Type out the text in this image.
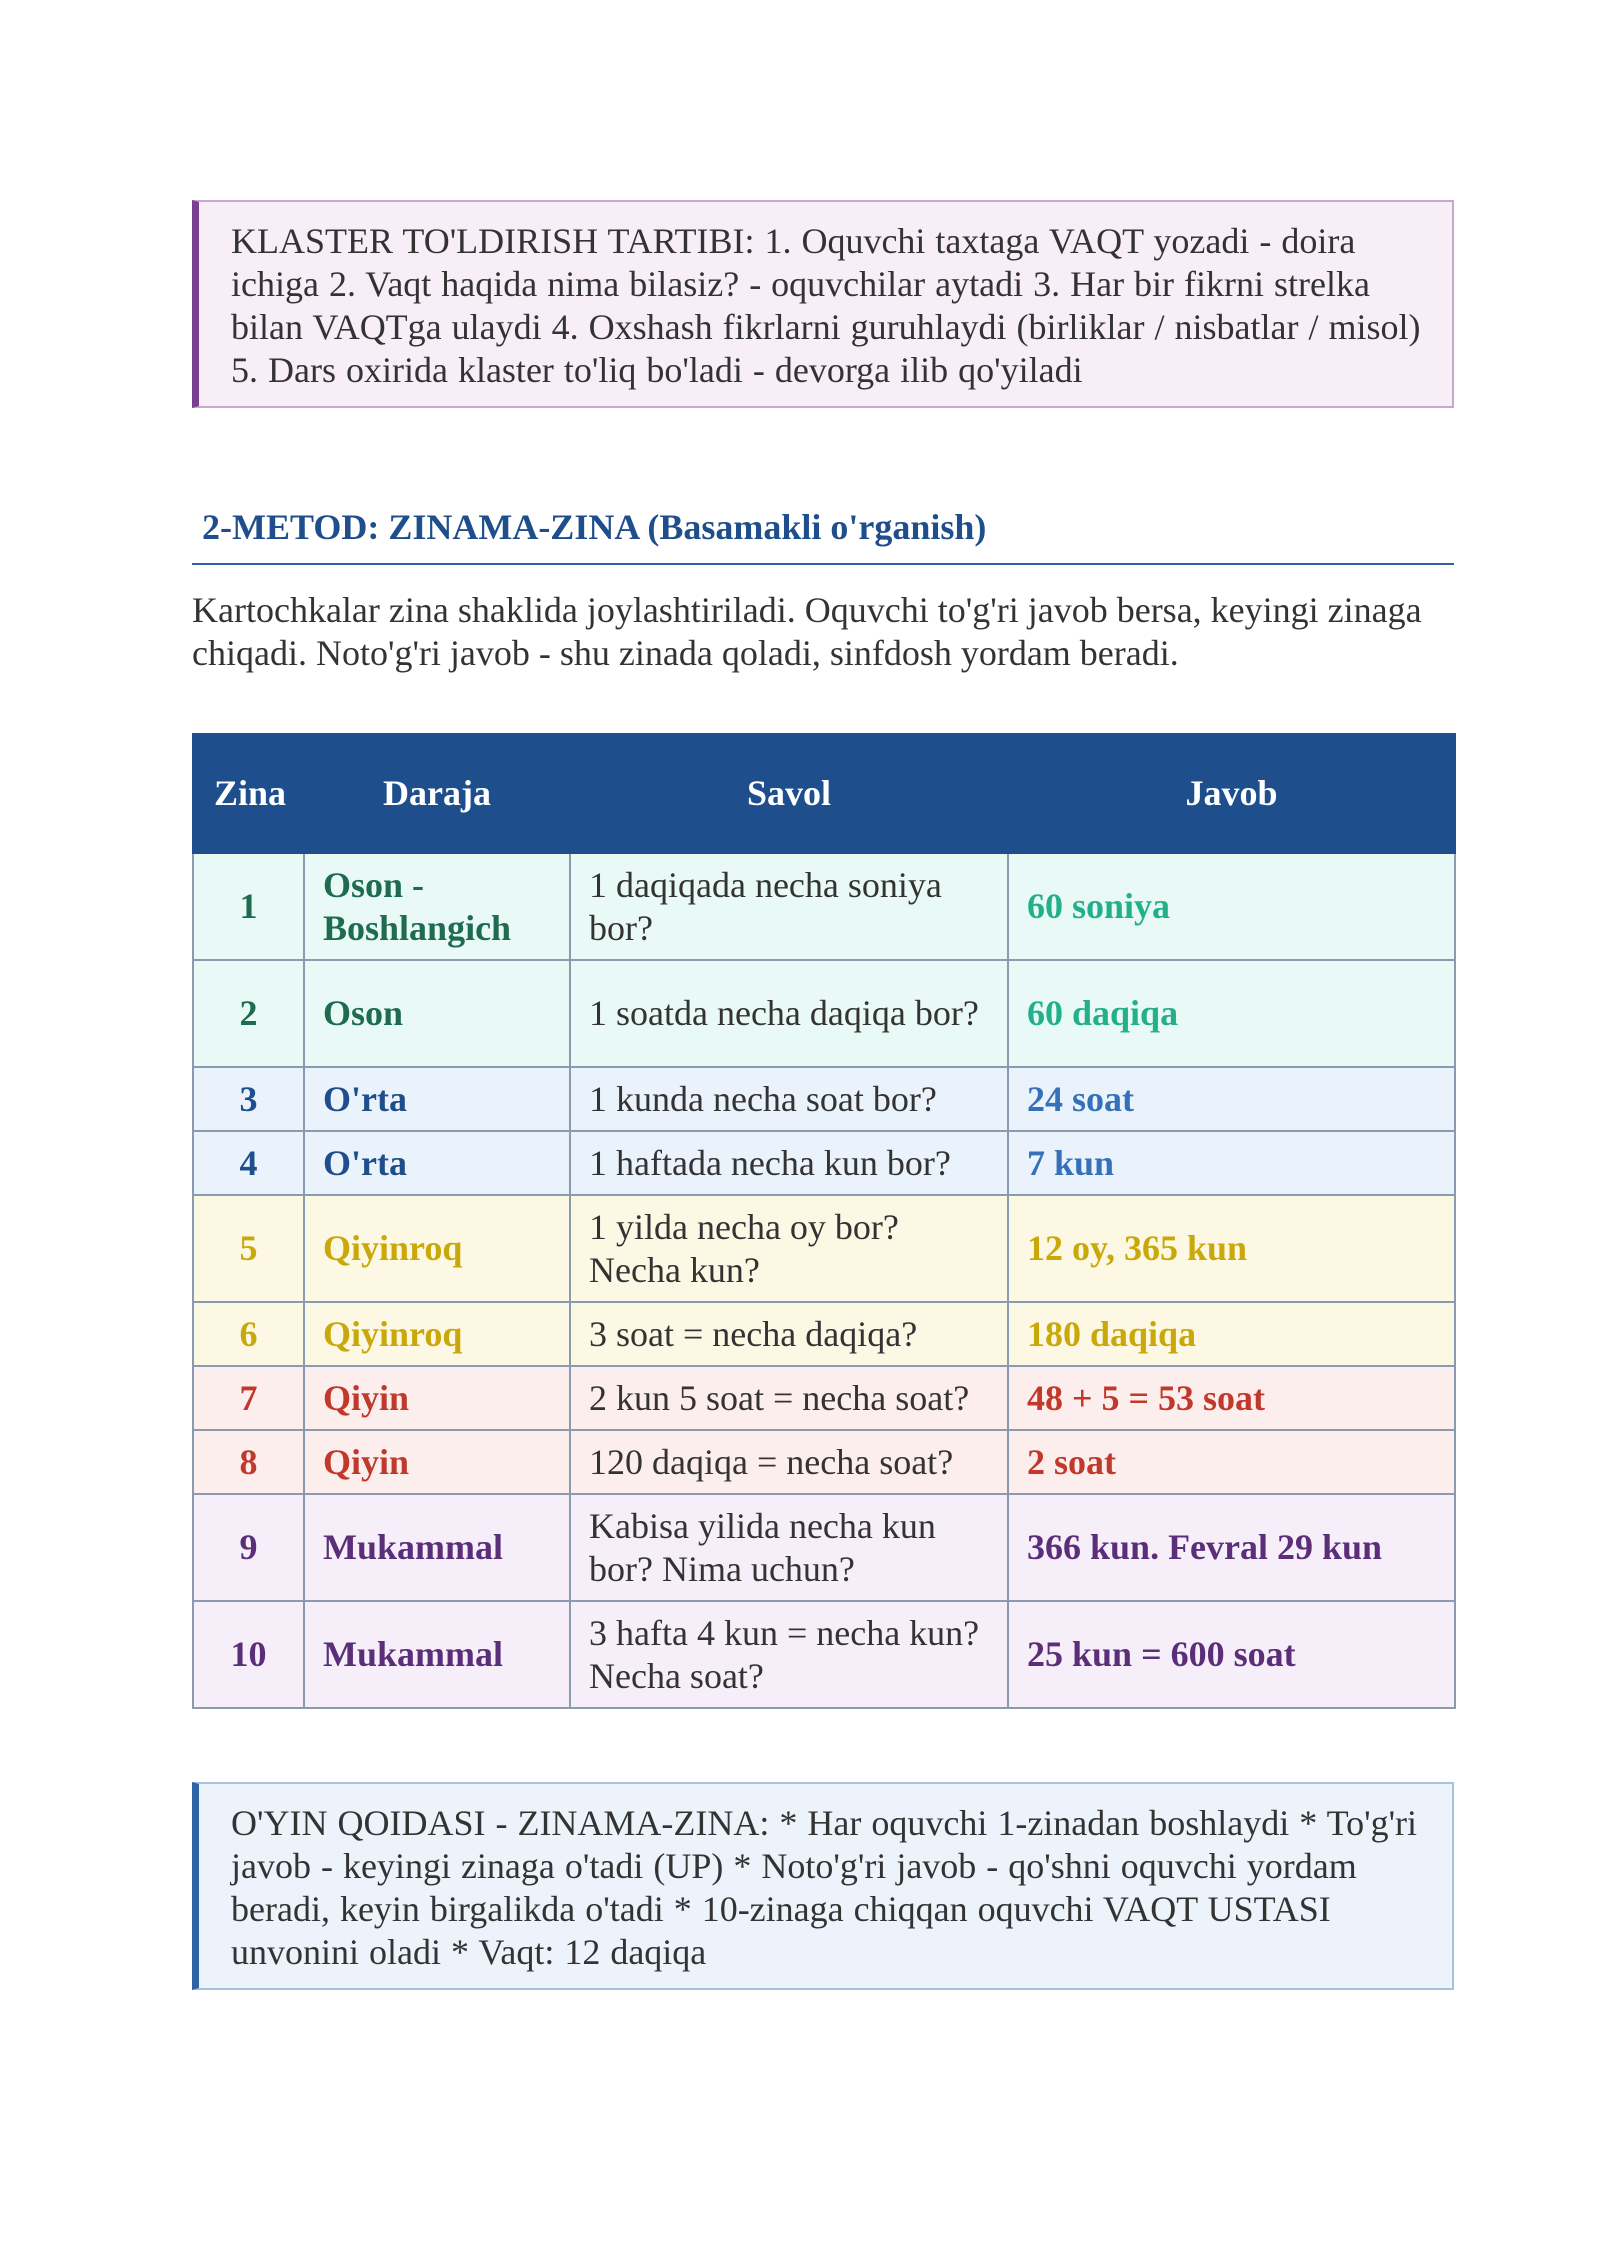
KLASTER TO'LDIRISH TARTIBI: 1. Oquvchi taxtaga VAQT yozadi - doira ichiga 2. Vaqt haqida nima bilasiz? - oquvchilar aytadi 3. Har bir fikrni strelka bilan VAQTga ulaydi 4. Oxshash fikrlarni guruhlaydi (birliklar / nisbatlar / misol) 5. Dars oxirida klaster to'liq bo'ladi - devorga ilib qo'yiladi
2-METOD: ZINAMA-ZINA (Basamakli o'rganish)
Kartochkalar zina shaklida joylashtiriladi. Oquvchi to'g'ri javob bersa, keyingi zinaga chiqadi. Noto'g'ri javob - shu zinada qoladi, sinfdosh yordam beradi.
Zina	Daraja	Savol	Javob
1	Oson - Boshlangich	1 daqiqada necha soniya bor?	60 soniya
2	Oson	1 soatda necha daqiqa bor?	60 daqiqa
3	O'rta	1 kunda necha soat bor?	24 soat
4	O'rta	1 haftada necha kun bor?	7 kun
5	Qiyinroq	1 yilda necha oy bor? Necha kun?	12 oy, 365 kun
6	Qiyinroq	3 soat = necha daqiqa?	180 daqiqa
7	Qiyin	2 kun 5 soat = necha soat?	48 + 5 = 53 soat
8	Qiyin	120 daqiqa = necha soat?	2 soat
9	Mukammal	Kabisa yilida necha kun bor? Nima uchun?	366 kun. Fevral 29 kun
10	Mukammal	3 hafta 4 kun = necha kun? Necha soat?	25 kun = 600 soat
O'YIN QOIDASI - ZINAMA-ZINA: * Har oquvchi 1-zinadan boshlaydi * To'g'ri javob - keyingi zinaga o'tadi (UP) * Noto'g'ri javob - qo'shni oquvchi yordam beradi, keyin birgalikda o'tadi * 10-zinaga chiqqan oquvchi VAQT USTASI unvonini oladi * Vaqt: 12 daqiqa
